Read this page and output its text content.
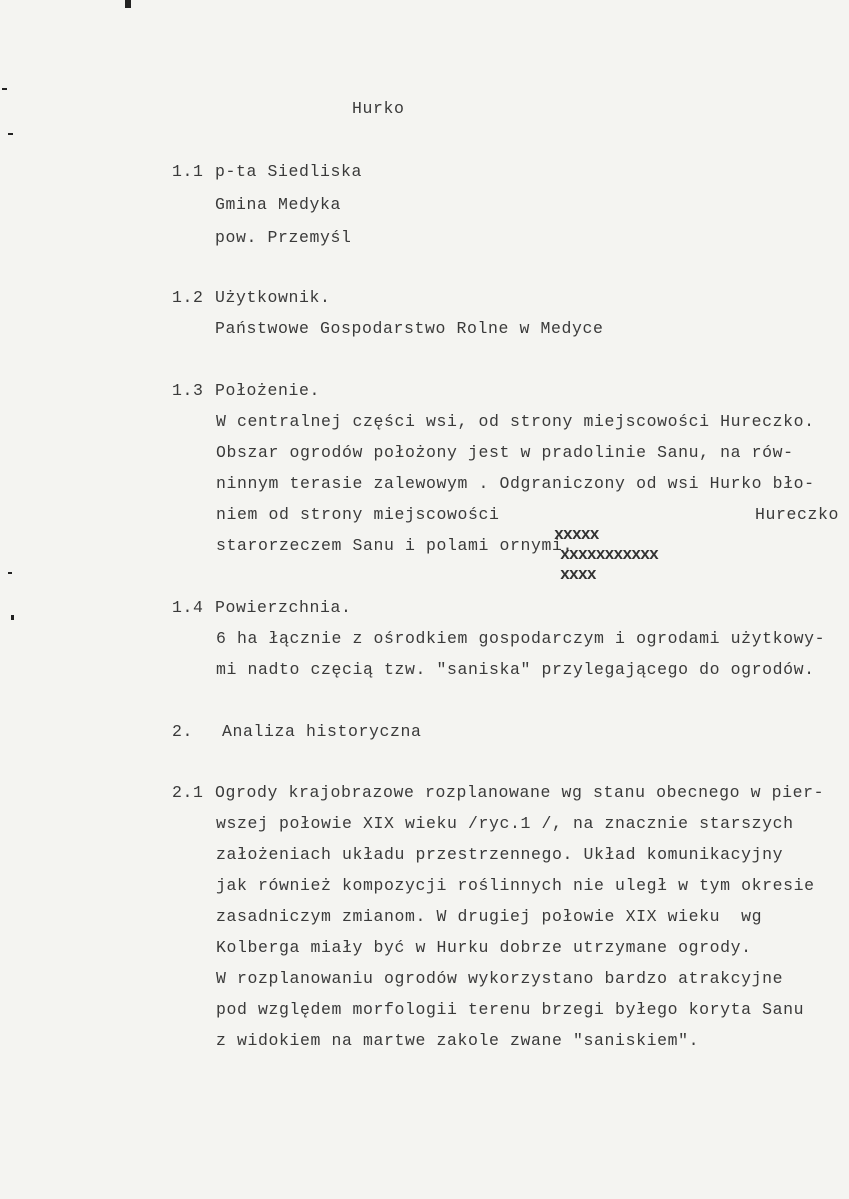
Hurko
1.1 p-ta Siedliska
Gmina Medyka
pow. Przemyśl
1.2 Użytkownik.
Państwowe Gospodarstwo Rolne w Medyce
1.3 Położenie.
W centralnej części wsi, od strony miejscowości Hureczko.
Obszar ogrodów położony jest w pradolinie Sanu, na rów-
ninnym terasie zalewowym . Odgraniczony od wsi Hurko bło-
niem od strony miejscowości

xxxxx
xxxxxxxxxxx
xxxx

Hureczko
starorzeczem Sanu i polami ornymi.
1.4 Powierzchnia.
6 ha łącznie z ośrodkiem gospodarczym i ogrodami użytkowy-
mi nadto częcią tzw. "saniska" przylegającego do ogrodów.
2. Analiza historyczna
2.1 Ogrody krajobrazowe rozplanowane wg stanu obecnego w pier-
wszej połowie XIX wieku /ryc.1 /, na znacznie starszych
założeniach układu przestrzennego. Układ komunikacyjny
jak również kompozycji roślinnych nie uległ w tym okresie
zasadniczym zmianom. W drugiej połowie XIX wieku  wg
Kolberga miały być w Hurku dobrze utrzymane ogrody.
W rozplanowaniu ogrodów wykorzystano bardzo atrakcyjne
pod względem morfologii terenu brzegi byłego koryta Sanu
z widokiem na martwe zakole zwane "saniskiem".
